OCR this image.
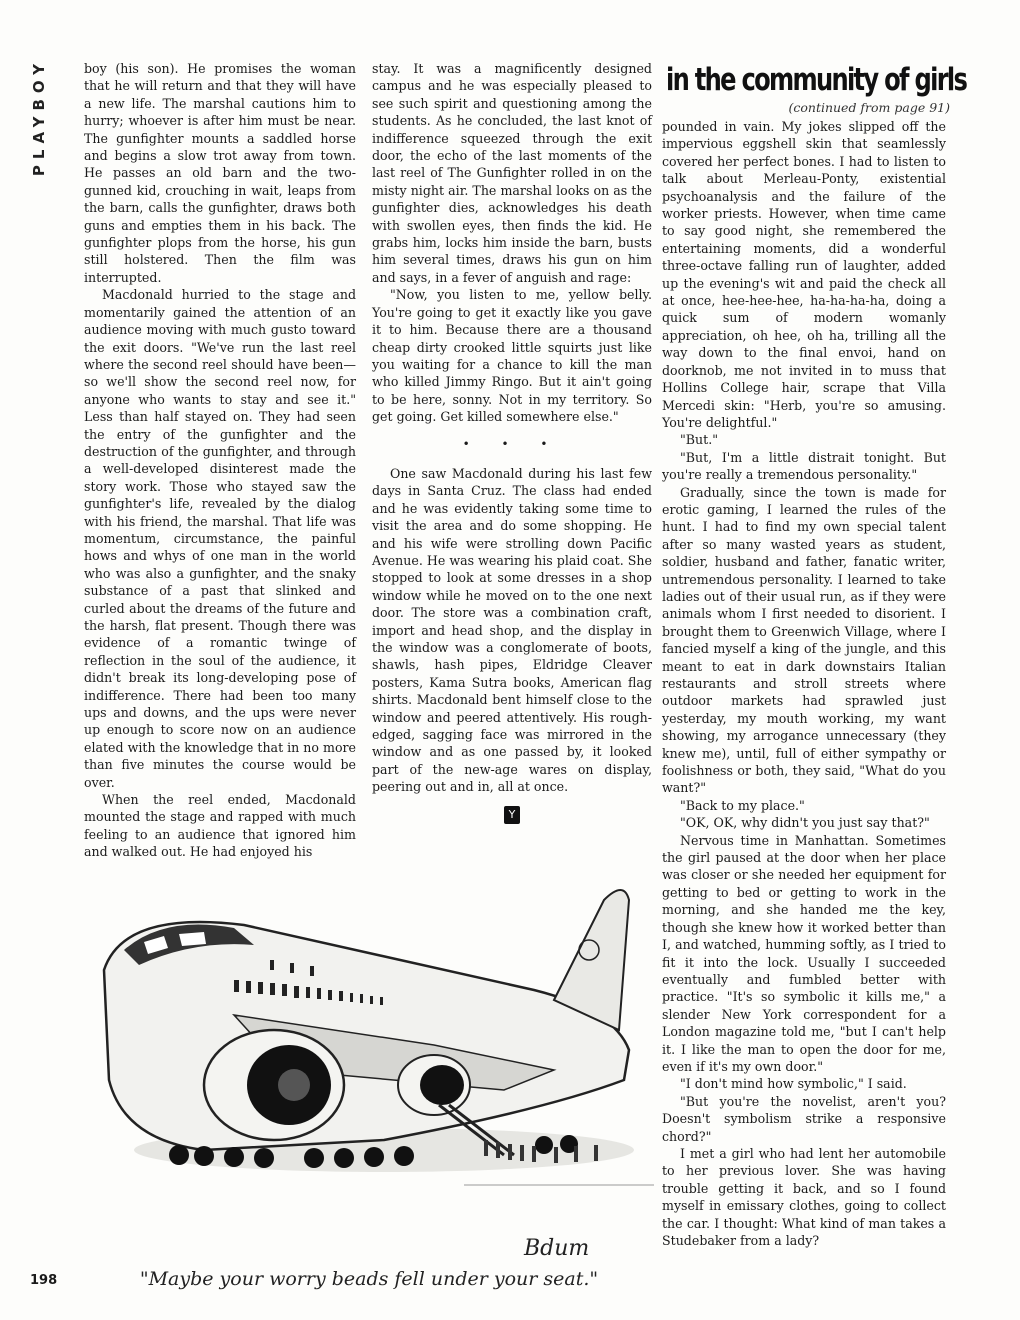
PLAYBOY	boy (his son). He promises the woman that he will return and that they will have a new life. The marshal cautions him to hurry; whoever is after him must be near. The gunfighter mounts a saddled horse and begins a slow trot away from town. He passes an old barn and the two-gunned kid, crouching in wait, leaps from the barn, calls the gunfighter, draws both guns and empties them in his back. The gunfighter plops from the horse, his gun still holstered. Then the film was interrupted.

Macdonald hurried to the stage and momentarily gained the attention of an audience moving with much gusto toward the exit doors. "We've run the last reel where the second reel should have been—so we'll show the second reel now, for anyone who wants to stay and see it." Less than half stayed on. They had seen the entry of the gunfighter and the destruction of the gunfighter, and through a well-developed disinterest made the story work. Those who stayed saw the gunfighter's life, revealed by the dialog with his friend, the marshal. That life was momentum, circumstance, the painful hows and whys of one man in the world who was also a gunfighter, and the snaky substance of a past that slinked and curled about the dreams of the future and the harsh, flat present. Though there was evidence of a romantic twinge of reflection in the soul of the audience, it didn't break its long-developing pose of indifference. There had been too many ups and downs, and the ups were never up enough to score now on an audience elated with the knowledge that in no more than five minutes the course would be over.

When the reel ended, Macdonald mounted the stage and rapped with much feeling to an audience that ignored him and walked out. He had enjoyed his

stay. It was a magnificently designed campus and he was especially pleased to see such spirit and questioning among the students. As he concluded, the last knot of indifference squeezed through the exit door, the echo of the last moments of the last reel of The Gunfighter rolled in on the misty night air. The marshal looks on as the gunfighter dies, acknowledges his death with swollen eyes, then finds the kid. He grabs him, locks him inside the barn, busts him several times, draws his gun on him and says, in a fever of anguish and rage:

"Now, you listen to me, yellow belly. You're going to get it exactly like you gave it to him. Because there are a thousand cheap dirty crooked little squirts just like you waiting for a chance to kill the man who killed Jimmy Ringo. But it ain't going to be here, sonny. Not in my territory. So get going. Get killed somewhere else."

• • •

One saw Macdonald during his last few days in Santa Cruz. The class had ended and he was evidently taking some time to visit the area and do some shopping. He and his wife were strolling down Pacific Avenue. He was wearing his plaid coat. She stopped to look at some dresses in a shop window while he moved on to the one next door. The store was a combination craft, import and head shop, and the display in the window was a conglomerate of boots, shawls, hash pipes, Eldridge Cleaver posters, Kama Sutra books, American flag shirts. Macdonald bent himself close to the window and peered attentively. His rough-edged, sagging face was mirrored in the window and as one passed by, it looked part of the new-age wares on display, peering out and in, all at once.

Y
in the community of girls
(continued from page 91)

pounded in vain. My jokes slipped off the impervious eggshell skin that seamlessly covered her perfect bones. I had to listen to talk about Merleau-Ponty, existential psychoanalysis and the failure of the worker priests. However, when time came to say good night, she remembered the entertaining moments, did a wonderful three-octave falling run of laughter, added up the evening's wit and paid the check all at once, hee-hee-hee, ha-ha-ha-ha, doing a quick sum of modern womanly appreciation, oh hee, oh ha, trilling all the way down to the final envoi, hand on doorknob, me not invited in to muss that Hollins College hair, scrape that Villa Mercedi skin: "Herb, you're so amusing. You're delightful."

"But."

"But, I'm a little distrait tonight. But you're really a tremendous personality."

Gradually, since the town is made for erotic gaming, I learned the rules of the hunt. I had to find my own special talent after so many wasted years as student, soldier, husband and father, fanatic writer, untremendous personality. I learned to take ladies out of their usual run, as if they were animals whom I first needed to disorient. I brought them to Greenwich Village, where I fancied myself a king of the jungle, and this meant to eat in dark downstairs Italian restaurants and stroll streets where outdoor markets had sprawled just yesterday, my mouth working, my want showing, my arrogance unnecessary (they knew me), until, full of either sympathy or foolishness or both, they said, "What do you want?"

"Back to my place."

"OK, OK, why didn't you just say that?"

Nervous time in Manhattan. Sometimes the girl paused at the door when her place was closer or she needed her equipment for getting to bed or getting to work in the morning, and she handed me the key, though she knew how it worked better than I, and watched, humming softly, as I tried to fit it into the lock. Usually I succeeded eventually and fumbled better with practice. "It's so symbolic it kills me," a slender New York correspondent for a London magazine told me, "but I can't help it. I like the man to open the door for me, even if it's my own door."

"I don't mind how symbolic," I said.

"But you're the novelist, aren't you? Doesn't symbolism strike a responsive chord?"

I met a girl who had lent her automobile to her previous lover. She was having trouble getting it back, and so I found myself in emissary clothes, going to collect the car. I thought: What kind of man takes a Studebaker from a lady?

Bdum
"Maybe your worry beads fell under your seat."
198
